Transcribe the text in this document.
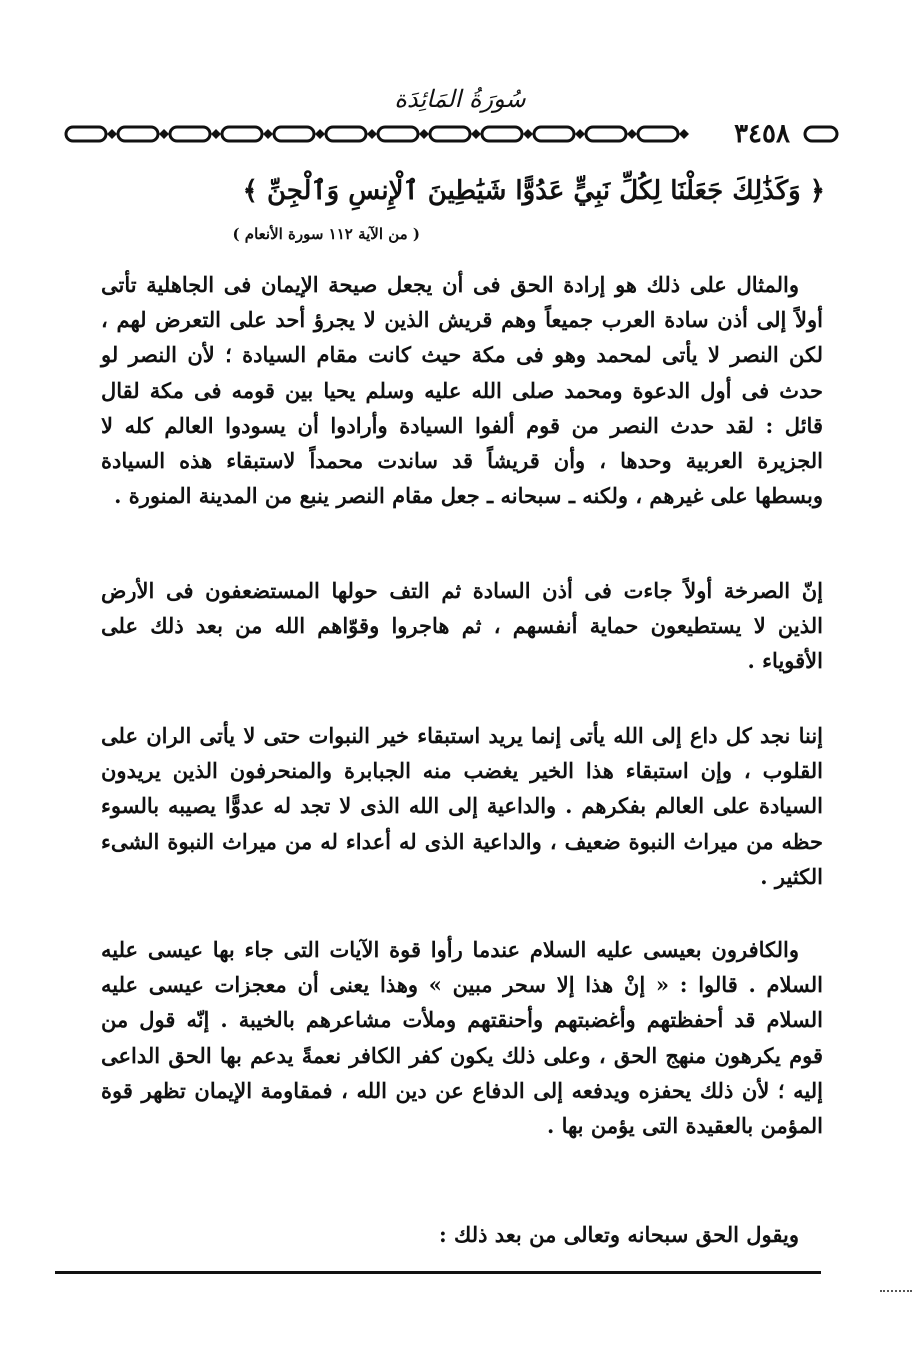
سُورَةُ المَائِدَة
٣٤٥٨
﴿ وَكَذَٰلِكَ جَعَلْنَا لِكُلِّ نَبِيٍّ عَدُوًّا شَيَٰطِينَ ٱلْإِنسِ وَٱلْجِنِّ ﴾
( من الآية ١١٢ سورة الأنعام )

والمثال على ذلك هو إرادة الحق فى أن يجعل صيحة الإيمان فى الجاهلية تأتى أولاً إلى أذن سادة العرب جميعاً وهم قريش الذين لا يجرؤ أحد على التعرض لهم ، لكن النصر لا يأتى لمحمد وهو فى مكة حيث كانت مقام السيادة ؛ لأن النصر لو حدث فى أول الدعوة ومحمد صلى الله عليه وسلم يحيا بين قومه فى مكة لقال قائل : لقد حدث النصر من قوم ألفوا السيادة وأرادوا أن يسودوا العالم كله لا الجزيرة العربية وحدها ، وأن قريشاً قد ساندت محمداً لاستبقاء هذه السيادة وبسطها على غيرهم ، ولكنه ـ سبحانه ـ جعل مقام النصر ينبع من المدينة المنورة .

إنّ الصرخة أولاً جاءت فى أذن السادة ثم التف حولها المستضعفون فى الأرض الذين لا يستطيعون حماية أنفسهم ، ثم هاجروا وقوّاهم الله من بعد ذلك على الأقوياء .

إننا نجد كل داع إلى الله يأتى إنما يريد استبقاء خير النبوات حتى لا يأتى الران على القلوب ، وإن استبقاء هذا الخير يغضب منه الجبابرة والمنحرفون الذين يريدون السيادة على العالم بفكرهم . والداعية إلى الله الذى لا تجد له عدوًّا يصيبه بالسوء حظه من ميراث النبوة ضعيف ، والداعية الذى له أعداء له من ميراث النبوة الشىء الكثير .

والكافرون بعيسى عليه السلام عندما رأوا قوة الآيات التى جاء بها عيسى عليه السلام . قالوا : « إنْ هذا إلا سحر مبين » وهذا يعنى أن معجزات عيسى عليه السلام قد أحفظتهم وأغضبتهم وأحنقتهم وملأت مشاعرهم بالخيبة . إنّه قول من قوم يكرهون منهج الحق ، وعلى ذلك يكون كفر الكافر نعمةً يدعم بها الحق الداعى إليه ؛ لأن ذلك يحفزه ويدفعه إلى الدفاع عن دين الله ، فمقاومة الإيمان تظهر قوة المؤمن بالعقيدة التى يؤمن بها .

ويقول الحق سبحانه وتعالى من بعد ذلك :
